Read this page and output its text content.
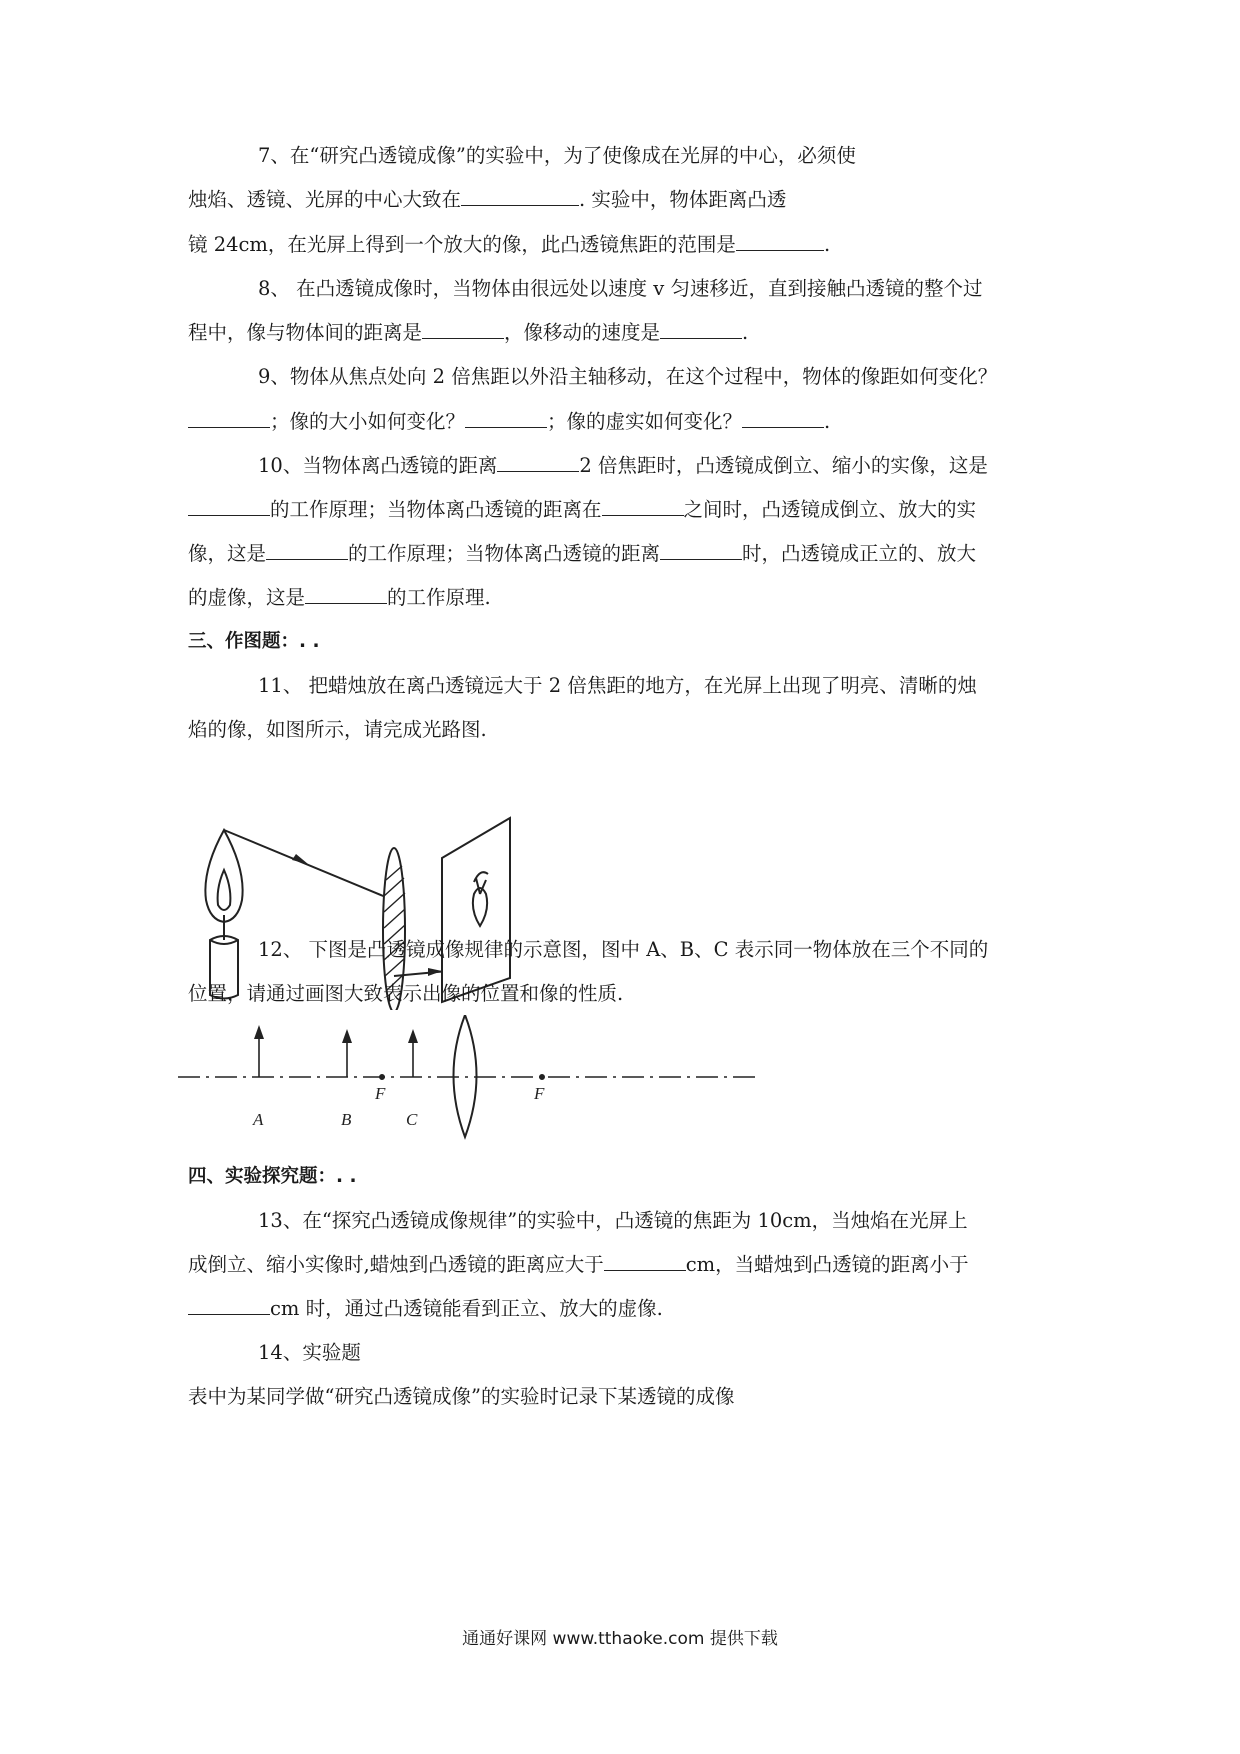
7、在“研究凸透镜成像”的实验中，为了使像成在光屏的中心，必须使
烛焰、透镜、光屏的中心大致在	. 实验中，物体距离凸透
镜 24cm，在光屏上得到一个放大的像，此凸透镜焦距的范围是	.
8、 在凸透镜成像时，当物体由很远处以速度 v 匀速移近，直到接触凸透镜的整个过
程中，像与物体间的距离是	，像移动的速度是	.
9、物体从焦点处向 2 倍焦距以外沿主轴移动，在这个过程中，物体的像距如何变化？
；像的大小如何变化？	；像的虚实如何变化？	.
10、当物体离凸透镜的距离	2 倍焦距时，凸透镜成倒立、缩小的实像，这是
的工作原理；当物体离凸透镜的距离在	之间时，凸透镜成倒立、放大的实
像，这是	的工作原理；当物体离凸透镜的距离	时，凸透镜成正立的、放大
的虚像，这是	的工作原理.
三、作图题：. .
11、 把蜡烛放在离凸透镜远大于 2 倍焦距的地方，在光屏上出现了明亮、清晰的烛
焰的像，如图所示，请完成光路图.
12、 下图是凸透镜成像规律的示意图，图中 A、B、C 表示同一物体放在三个不同的
位置，请通过画图大致表示出像的位置和像的性质.
F	F
A	B	C
四、实验探究题：. .
13、在“探究凸透镜成像规律”的实验中，凸透镜的焦距为 10cm，当烛焰在光屏上
成倒立、缩小实像时,蜡烛到凸透镜的距离应大于	cm，当蜡烛到凸透镜的距离小于
cm 时，通过凸透镜能看到正立、放大的虚像.
14、实验题
表中为某同学做“研究凸透镜成像”的实验时记录下某透镜的成像
通通好课网 www.tthaoke.com 提供下载
